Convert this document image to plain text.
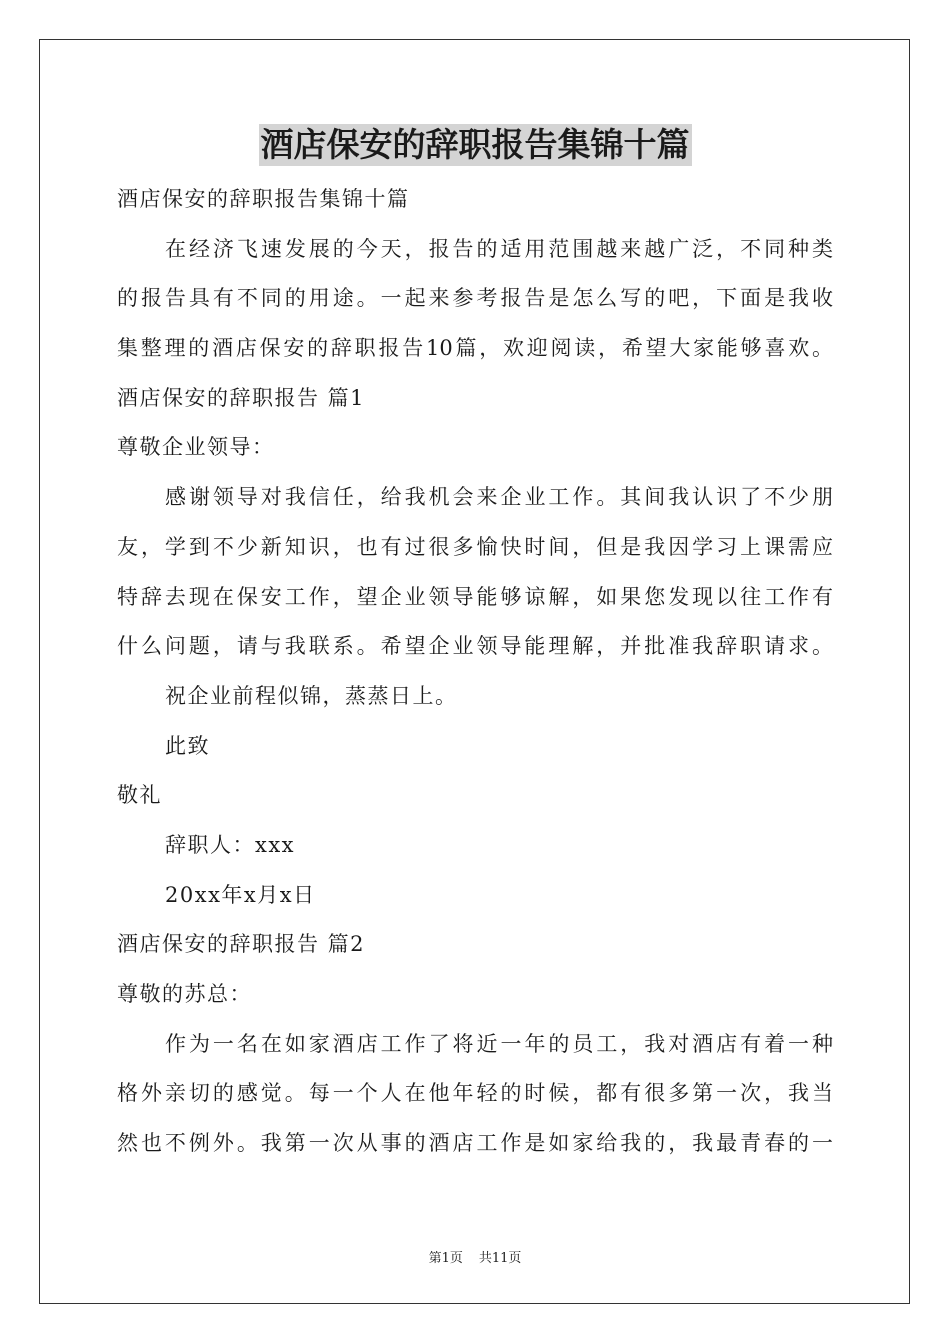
酒店保安的辞职报告集锦十篇
酒店保安的辞职报告集锦十篇
在经济飞速发展的今天，报告的适用范围越来越广泛，不同种类
的报告具有不同的用途。一起来参考报告是怎么写的吧，下面是我收
集整理的酒店保安的辞职报告10篇，欢迎阅读，希望大家能够喜欢。
酒店保安的辞职报告 篇1
尊敬企业领导：
感谢领导对我信任，给我机会来企业工作。其间我认识了不少朋
友，学到不少新知识，也有过很多愉快时间，但是我因学习上课需应
特辞去现在保安工作，望企业领导能够谅解，如果您发现以往工作有
什么问题，请与我联系。希望企业领导能理解，并批准我辞职请求。
祝企业前程似锦，蒸蒸日上。
此致
敬礼
辞职人：xxx
20xx年x月x日
酒店保安的辞职报告 篇2
尊敬的苏总：
作为一名在如家酒店工作了将近一年的员工，我对酒店有着一种
格外亲切的感觉。每一个人在他年轻的时候，都有很多第一次，我当
然也不例外。我第一次从事的酒店工作是如家给我的，我最青春的一
第1页 共11页
